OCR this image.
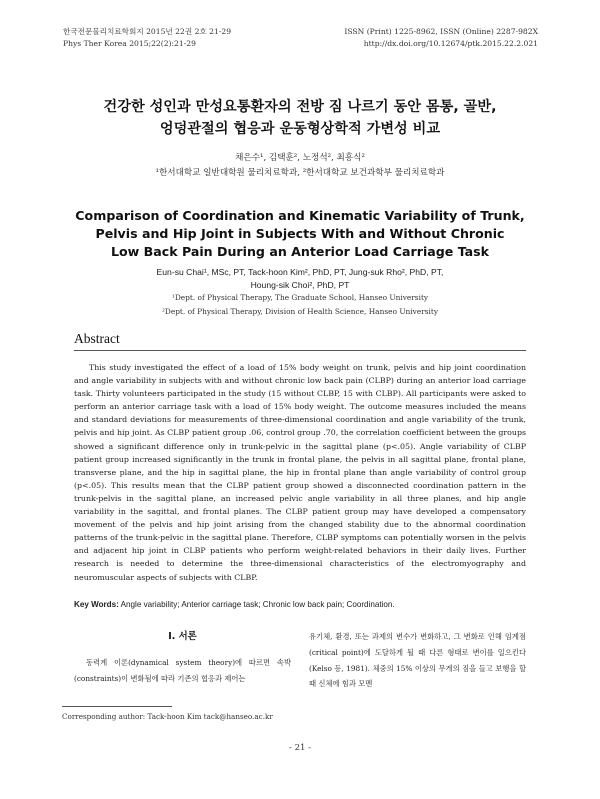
한국전문물리치료학회지 2015년 22권 2호 21-29
Phys Ther Korea 2015;22(2):21-29
ISSN (Print) 1225-8962, ISSN (Online) 2287-982X
http://dx.doi.org/10.12674/ptk.2015.22.2.021
건강한 성인과 만성요통환자의 전방 짐 나르기 동안 몸통, 골반,
엉덩관절의 협응과 운동형상학적 가변성 비교
채은수¹, 김택훈², 노정석², 최흥식²
¹한서대학교 일반대학원 물리치료학과, ²한서대학교 보건과학부 물리치료학과
Comparison of Coordination and Kinematic Variability of Trunk,
Pelvis and Hip Joint in Subjects With and Without Chronic
Low Back Pain During an Anterior Load Carriage Task
Eun-su Chai¹, MSc, PT, Tack-hoon Kim², PhD, PT, Jung-suk Rho², PhD, PT,
Houng-sik Choi², PhD, PT
¹Dept. of Physical Therapy, The Graduate School, Hanseo University
²Dept. of Physical Therapy, Division of Health Science, Hanseo University
Abstract

This study investigated the effect of a load of 15% body weight on trunk, pelvis and hip joint coordination and angle variability in subjects with and without chronic low back pain (CLBP) during an anterior load carriage task. Thirty volunteers participated in the study (15 without CLBP, 15 with CLBP). All participants were asked to perform an anterior carriage task with a load of 15% body weight. The outcome measures included the means and standard deviations for measurements of three-dimensional coordination and angle variability of the trunk, pelvis and hip joint. As CLBP patient group .06, control group .70, the correlation coefficient between the groups showed a significant difference only in trunk-pelvic in the sagittal plane (p<.05). Angle variability of CLBP patient group increased significantly in the trunk in frontal plane, the pelvis in all sagittal plane, frontal plane, transverse plane, and the hip in sagittal plane, the hip in frontal plane than angle variability of control group (p<.05). This results mean that the CLBP patient group showed a disconnected coordination pattern in the trunk-pelvis in the sagittal plane, an increased pelvic angle variability in all three planes, and hip angle variability in the sagittal, and frontal planes. The CLBP patient group may have developed a compensatory movement of the pelvis and hip joint arising from the changed stability due to the abnormal coordination patterns of the trunk-pelvic in the sagittal plane. Therefore, CLBP symptoms can potentially worsen in the pelvis and adjacent hip joint in CLBP patients who perform weight-related behaviors in their daily lives. Further research is needed to determine the three-dimensional characteristics of the electromyography and neuromuscular aspects of subjects with CLBP.

Key Words: Angle variability; Anterior carriage task; Chronic low back pain; Coordination.
Ⅰ. 서론

동력계 이론(dynamical system theory)에 따르면 속박(constraints)이 변화됨에 따라 기존의 협응과 제어는

유기체, 환경, 또는 과제의 변수가 변화하고, 그 변화로 인해 임계점(critical point)에 도달하게 될 때 다른 형태로 변이를 일으킨다(Kelso 등, 1981). 체중의 15% 이상의 무게의 짐을 들고 보행을 할 때 신체에 힘과 모멘

Corresponding author: Tack-hoon Kim tack@hanseo.ac.kr
- 21 -
